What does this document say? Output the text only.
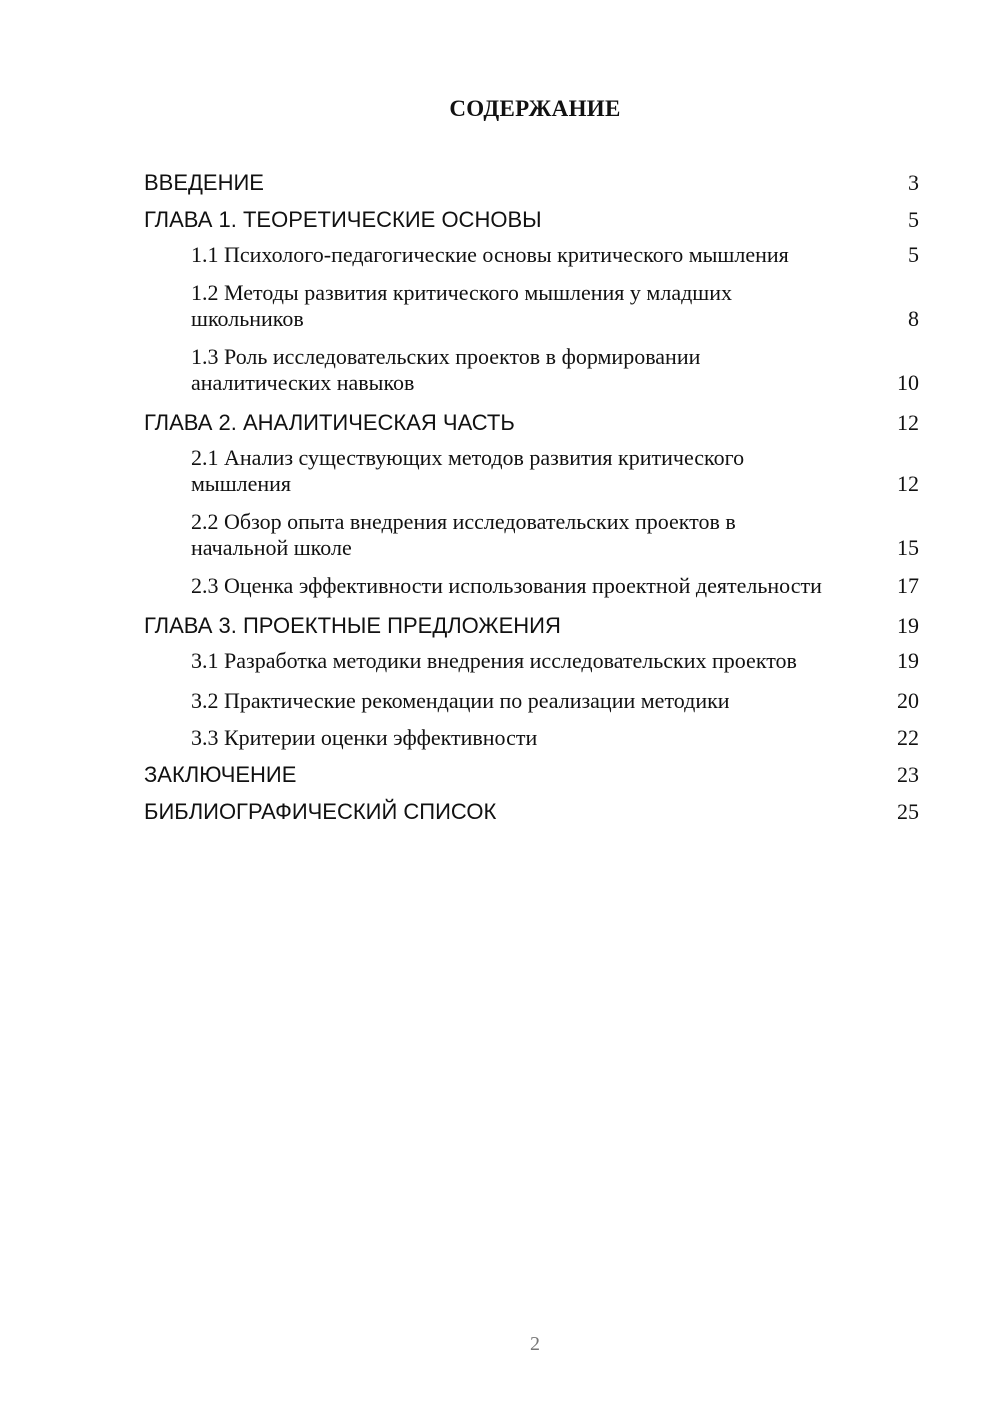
СОДЕРЖАНИЕ
ВВЕДЕНИЕ	3
ГЛАВА 1. ТЕОРЕТИЧЕСКИЕ ОСНОВЫ	5
1.1 Психолого-педагогические основы критического мышления	5
1.2 Методы развития критического мышления у младших школьников	8
1.3 Роль исследовательских проектов в формировании аналитических навыков	10
ГЛАВА 2. АНАЛИТИЧЕСКАЯ ЧАСТЬ	12
2.1 Анализ существующих методов развития критического мышления	12
2.2 Обзор опыта внедрения исследовательских проектов в начальной школе	15
2.3 Оценка эффективности использования проектной деятельности	17
ГЛАВА 3. ПРОЕКТНЫЕ ПРЕДЛОЖЕНИЯ	19
3.1 Разработка методики внедрения исследовательских проектов	19
3.2 Практические рекомендации по реализации методики	20
3.3 Критерии оценки эффективности	22
ЗАКЛЮЧЕНИЕ	23
БИБЛИОГРАФИЧЕСКИЙ СПИСОК	25
2
